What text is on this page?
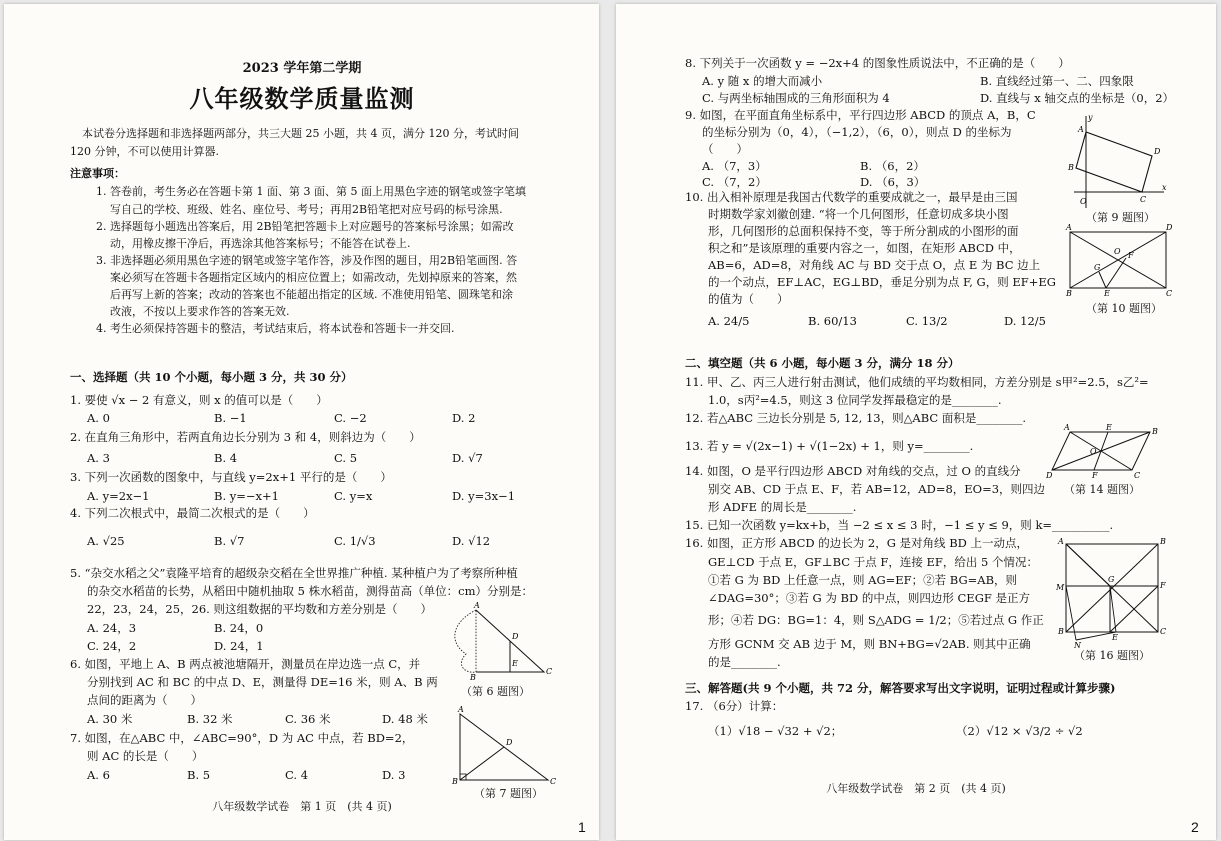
2023 学年第二学期
八年级数学质量监测
本试卷分选择题和非选择题两部分，共三大题 25 小题，共 4 页，满分 120 分，考试时间
120 分钟，不可以使用计算器.
注意事项：
1. 答卷前，考生务必在答题卡第 1 面、第 3 面、第 5 面上用黑色字迹的钢笔或签字笔填
写自己的学校、班级、姓名、座位号、考号；再用2B铅笔把对应号码的标号涂黑.
2. 选择题每小题选出答案后，用 2B铅笔把答题卡上对应题号的答案标号涂黑；如需改
动，用橡皮擦干净后，再选涂其他答案标号；不能答在试卷上.
3. 非选择题必须用黑色字迹的钢笔或签字笔作答，涉及作图的题目，用2B铅笔画图. 答
案必须写在答题卡各题指定区域内的相应位置上；如需改动，先划掉原来的答案，然
后再写上新的答案；改动的答案也不能超出指定的区域. 不准使用铅笔、圆珠笔和涂
改液，不按以上要求作答的答案无效.
4. 考生必须保持答题卡的整洁，考试结束后，将本试卷和答题卡一并交回.
一、选择题（共 10 个小题，每小题 3 分，共 30 分）
1. 要使 √x − 2 有意义，则 x 的值可以是（　　）
A. 0	B. −1	C. −2	D. 2
2. 在直角三角形中，若两直角边长分别为 3 和 4，则斜边为（　　）
A. 3	B. 4	C. 5	D. √7
3. 下列一次函数的图象中，与直线 y=2x+1 平行的是（　　）
A. y=2x−1	B. y=−x+1	C. y=x	D. y=3x−1
4. 下列二次根式中，最简二次根式的是（　　）
A. √25	B. √7	C. 1/√3	D. √12
5. “杂交水稻之父”袁隆平培育的超级杂交稻在全世界推广种植. 某种植户为了考察所种植
的杂交水稻苗的长势，从稻田中随机抽取 5 株水稻苗，测得苗高（单位：cm）分别是：
22，23，24，25，26. 则这组数据的平均数和方差分别是（　　）
A. 24，3	B. 24，0
C. 24，2	D. 24，1
6. 如图，平地上 A、B 两点被池塘隔开，测量员在岸边选一点 C，并
分别找到 AC 和 BC 的中点 D、E，测量得 DE=16 米，则 A、B 两
点间的距离为（　　）
A. 30 米	B. 32 米	C. 36 米	D. 48 米
7. 如图，在△ABC 中，∠ABC=90°，D 为 AC 中点，若 BD=2，
则 AC 的长是（　　）
A. 6	B. 5	C. 4	D. 3
A
B
C
D
E
（第 6 题图）
A
B	C
D
（第 7 题图）
八年级数学试卷　第 1 页　(共 4 页)
1
8. 下列关于一次函数 y = −2x+4 的图象性质说法中，不正确的是（　　）
A. y 随 x 的增大而减小	B. 直线经过第一、二、四象限
C. 与两坐标轴围成的三角形面积为 4	D. 直线与 x 轴交点的坐标是（0，2）
9. 如图，在平面直角坐标系中，平行四边形 ABCD 的顶点 A，B，C
的坐标分别为（0，4），（−1,2），（6，0），则点 D 的坐标为
（　　）
A. （7，3）	B. （6，2）
C. （7，2）	D. （6，3）	x
y
A
B
C
D
O
（第 9 题图）
10. 出入相补原理是我国古代数学的重要成就之一，最早是由三国
时期数学家刘徽创建. “将一个几何图形，任意切成多块小图
形，几何图形的总面积保持不变，等于所分割成的小图形的面
积之和”是该原理的重要内容之一，如图，在矩形 ABCD 中，
AB=6，AD=8，对角线 AC 与 BD 交于点 O，点 E 为 BC 边上
的一个动点，EF⊥AC，EG⊥BD，垂足分别为点 F, G，则 EF+EG
的值为（　　）
A. 24/5	B. 60/13	C. 13/2	D. 12/5
A	D
B	C
O F
G
E
（第 10 题图）
二、填空题（共 6 小题，每小题 3 分，满分 18 分）
11. 甲、乙、丙三人进行射击测试，他们成绩的平均数相同，方差分别是 s甲²=2.5，s乙²=
1.0，s丙²=4.5，则这 3 位同学发挥最稳定的是________.
12. 若△ABC 三边长分别是 5, 12, 13，则△ABC 面积是________.
13. 若 y = √(2x−1) + √(1−2x) + 1，则 y=________.
14. 如图，O 是平行四边形 ABCD 对角线的交点，过 O 的直线分
别交 AB、CD 于点 E、F，若 AB=12，AD=8，EO=3，则四边
形 ADFE 的周长是________.
A	B
C
D
E
F
O
（第 14 题图）
15. 已知一次函数 y=kx+b，当 −2 ≤ x ≤ 3 时，−1 ≤ y ≤ 9，则 k=__________.
16. 如图，正方形 ABCD 的边长为 2，G 是对角线 BD 上一动点，
GE⊥CD 于点 E，GF⊥BC 于点 F，连接 EF，给出 5 个情况：
①若 G 为 BD 上任意一点，则 AG=EF；②若 BG=AB，则
∠DAG=30°；③若 G 为 BD 的中点，则四边形 CEGF 是正方
形；④若 DG：BG=1：4，则 S△ADG = 1/2；⑤若过点 G 作正
方形 GCNM 交 AB 边于 M，则 BN+BG=√2AB. 则其中正确
的是________.
A	B
B	C
G
M
N
F
E
（第 16 题图）
三、解答题(共 9 个小题，共 72 分，解答要求写出文字说明，证明过程或计算步骤)
17. （6分）计算：
（1）√18 − √32 + √2；	（2）√12 × √3/2 ÷ √2
八年级数学试卷　第 2 页　(共 4 页)
2
